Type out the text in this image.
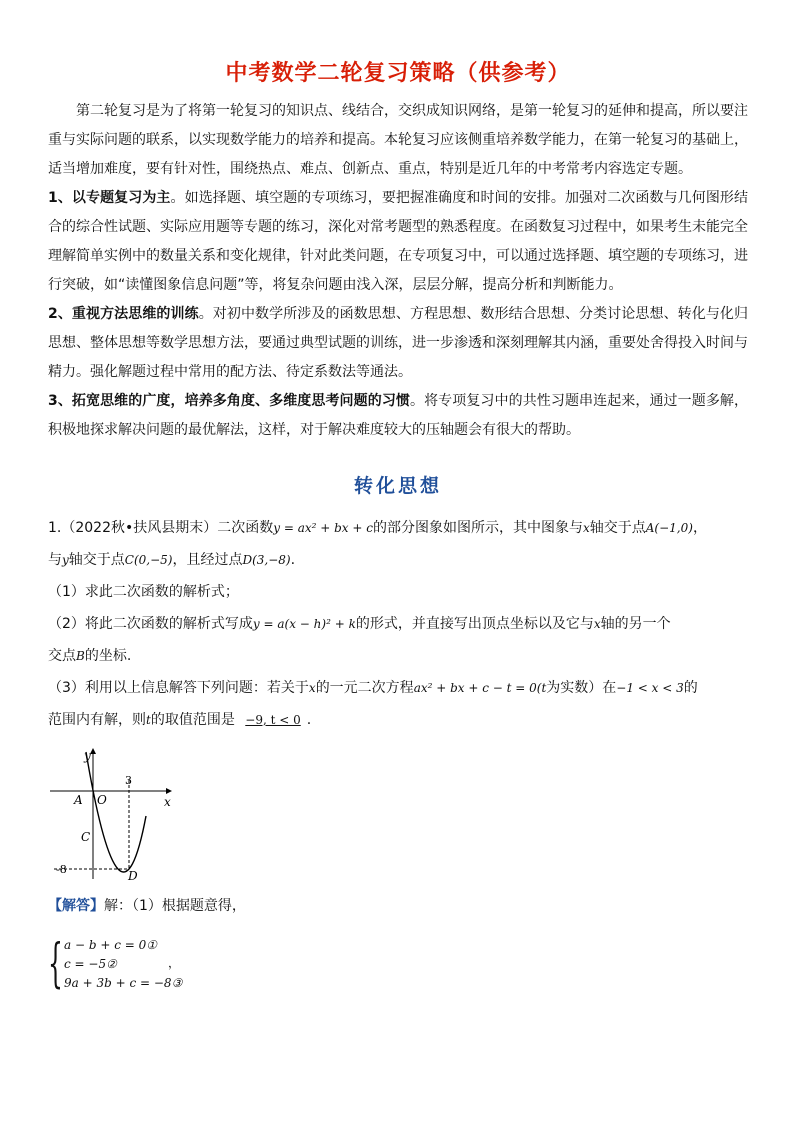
中考数学二轮复习策略（供参考）

第二轮复习是为了将第一轮复习的知识点、线结合，交织成知识网络，是第一轮复习的延伸和提高，所以要注重与实际问题的联系，以实现数学能力的培养和提高。本轮复习应该侧重培养数学能力，在第一轮复习的基础上，适当增加难度，要有针对性，围绕热点、难点、创新点、重点，特别是近几年的中考常考内容选定专题。

1、以专题复习为主。如选择题、填空题的专项练习，要把握准确度和时间的安排。加强对二次函数与几何图形结合的综合性试题、实际应用题等专题的练习，深化对常考题型的熟悉程度。在函数复习过程中，如果考生未能完全理解简单实例中的数量关系和变化规律，针对此类问题，在专项复习中，可以通过选择题、填空题的专项练习，进行突破，如“读懂图象信息问题”等，将复杂问题由浅入深，层层分解，提高分析和判断能力。

2、重视方法思维的训练。对初中数学所涉及的函数思想、方程思想、数形结合思想、分类讨论思想、转化与化归思想、整体思想等数学思想方法，要通过典型试题的训练，进一步渗透和深刻理解其内涵，重要处舍得投入时间与精力。强化解题过程中常用的配方法、待定系数法等通法。

3、拓宽思维的广度，培养多角度、多维度思考问题的习惯。将专项复习中的共性习题串连起来，通过一题多解，积极地探求解决问题的最优解法，这样，对于解决难度较大的压轴题会有很大的帮助。

转化思想

1.（2022秋•扶风县期末）二次函数y = ax² + bx + c的部分图象如图所示，其中图象与x轴交于点A(−1,0)，
与y轴交于点C(0,−5)，且经过点D(3,−8).

（1）求此二次函数的解析式；

（2）将此二次函数的解析式写成y = a(x − h)² + k的形式，并直接写出顶点坐标以及它与x轴的另一个
交点B的坐标.

（3）利用以上信息解答下列问题：若关于x的一元二次方程ax² + bx + c − t = 0(t为实数）在−1 < x < 3的
范围内有解，则t的取值范围是 −9, t < 0 .

y
x
A O
3
C
-8	D

【解答】解：（1）根据题意得，

{ a − b + c = 0①
c = −5②
9a + 3b + c = −8③
，
